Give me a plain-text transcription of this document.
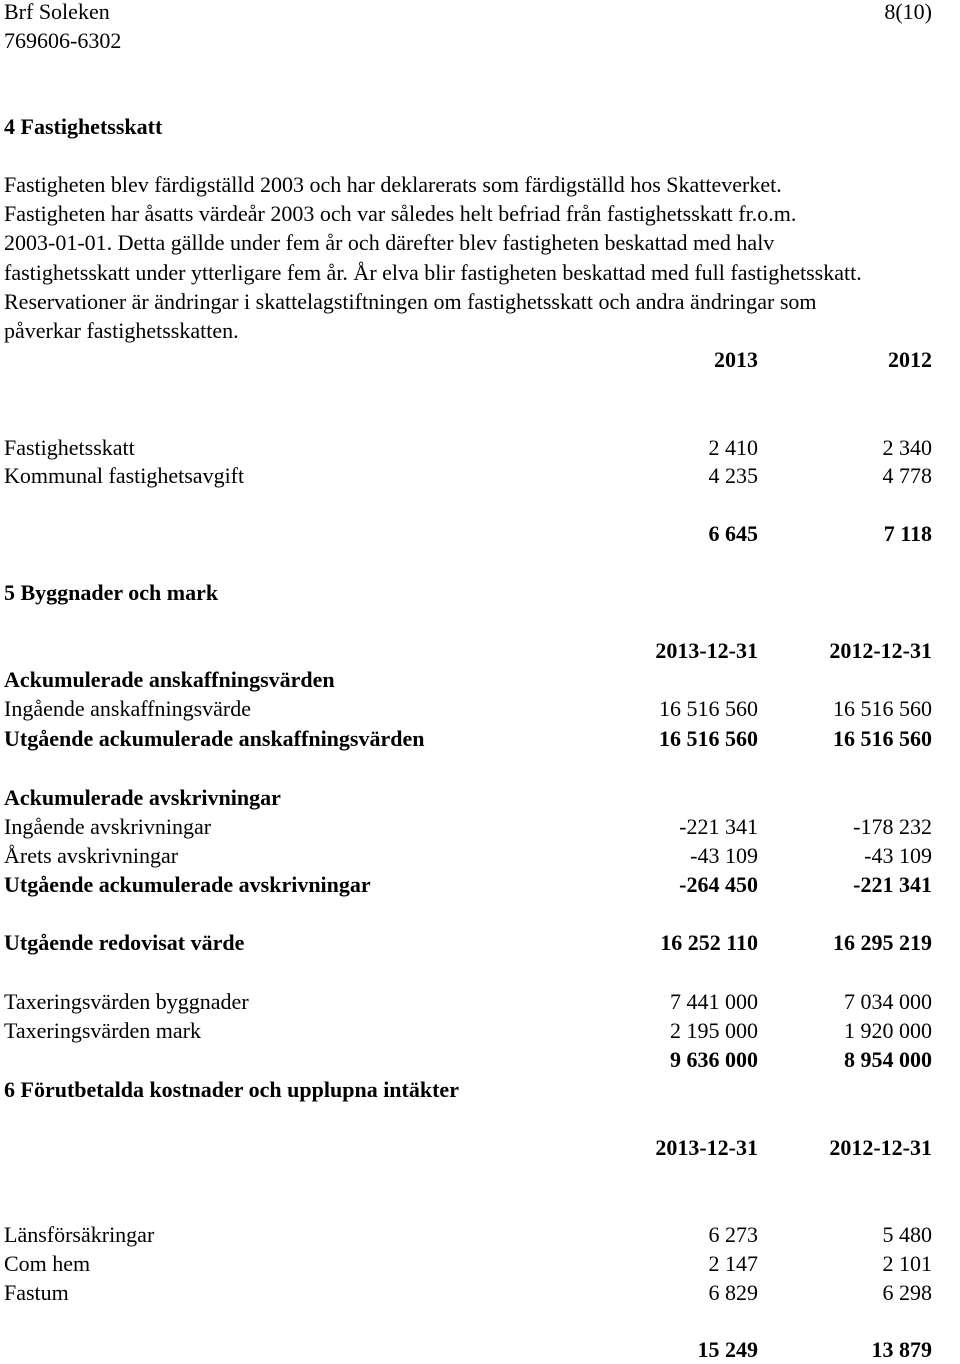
Brf Soleken	8(10)
769606-6302
4 Fastighetsskatt
Fastigheten blev färdigställd 2003 och har deklarerats som färdigställd hos Skatteverket.
Fastigheten har åsatts värdeår 2003 och var således helt befriad från fastighetsskatt fr.o.m.
2003-01-01. Detta gällde under fem år och därefter blev fastigheten beskattad med halv
fastighetsskatt under ytterligare fem år. År elva blir fastigheten beskattad med full fastighetsskatt.
Reservationer är ändringar i skattelagstiftningen om fastighetsskatt och andra ändringar som
påverkar fastighetsskatten.
2013	2012
Fastighetsskatt	2 410	2 340
Kommunal fastighetsavgift	4 235	4 778
6 645	7 118
5 Byggnader och mark
2013-12-31	2012-12-31
Ackumulerade anskaffningsvärden
Ingående anskaffningsvärde	16 516 560	16 516 560
Utgående ackumulerade anskaffningsvärden	16 516 560	16 516 560
Ackumulerade avskrivningar
Ingående avskrivningar	-221 341	-178 232
Årets avskrivningar	-43 109	-43 109
Utgående ackumulerade avskrivningar	-264 450	-221 341
Utgående redovisat värde	16 252 110	16 295 219
Taxeringsvärden byggnader	7 441 000	7 034 000
Taxeringsvärden mark	2 195 000	1 920 000
9 636 000	8 954 000
6 Förutbetalda kostnader och upplupna intäkter
2013-12-31	2012-12-31
Länsförsäkringar	6 273	5 480
Com hem	2 147	2 101
Fastum	6 829	6 298
15 249	13 879
